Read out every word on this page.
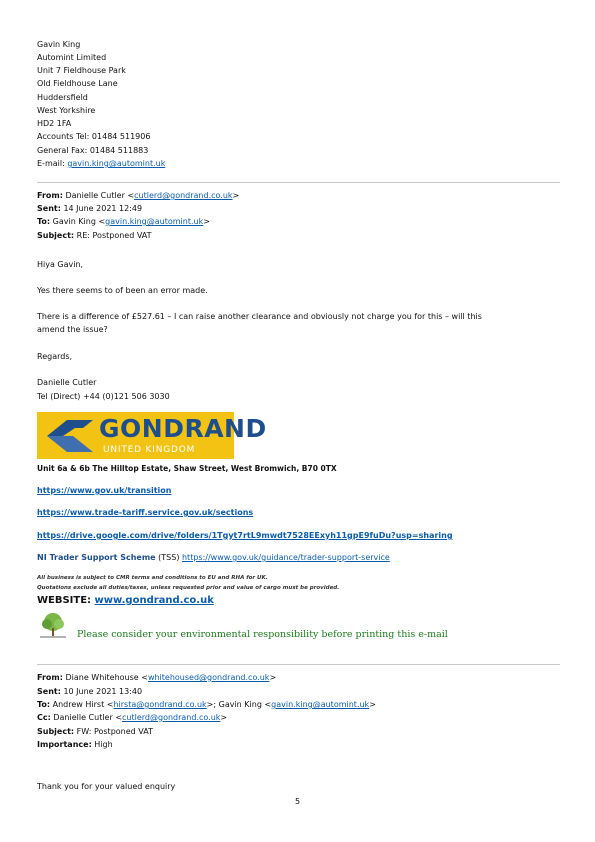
Gavin King
Automint Limited
Unit 7 Fieldhouse Park
Old Fieldhouse Lane
Huddersfield
West Yorkshire
HD2 1FA
Accounts Tel: 01484 511906
General Fax: 01484 511883
E-mail: gavin.king@automint.uk
From: Danielle Cutler <cutlerd@gondrand.co.uk>
Sent: 14 June 2021 12:49
To: Gavin King <gavin.king@automint.uk>
Subject: RE: Postponed VAT
Hiya Gavin,
Yes there seems to of been an error made.
There is a difference of £527.61 – I can raise another clearance and obviously not charge you for this – will this
amend the issue?
Regards,
Danielle Cutler
Tel (Direct) +44 (0)121 506 3030
GONDRAND
UNITED KINGDOM
Unit 6a & 6b The Hilltop Estate, Shaw Street, West Bromwich, B70 0TX
https://www.gov.uk/transition
https://www.trade-tariff.service.gov.uk/sections
https://drive.google.com/drive/folders/1Tgyt7rtL9mwdt7528EExyh11gpE9fuDu?usp=sharing
NI Trader Support Scheme (TSS) https://www.gov.uk/guidance/trader-support-service
All business is subject to CMR terms and conditions to EU and RHA for UK.
Quotations exclude all duties/taxes, unless requested prior and value of cargo must be provided.
WEBSITE: www.gondrand.co.uk
Please consider your environmental responsibility before printing this e-mail
From: Diane Whitehouse <whitehoused@gondrand.co.uk>
Sent: 10 June 2021 13:40
To: Andrew Hirst <hirsta@gondrand.co.uk>; Gavin King <gavin.king@automint.uk>
Cc: Danielle Cutler <cutlerd@gondrand.co.uk>
Subject: FW: Postponed VAT
Importance: High
Thank you for your valued enquiry
5
